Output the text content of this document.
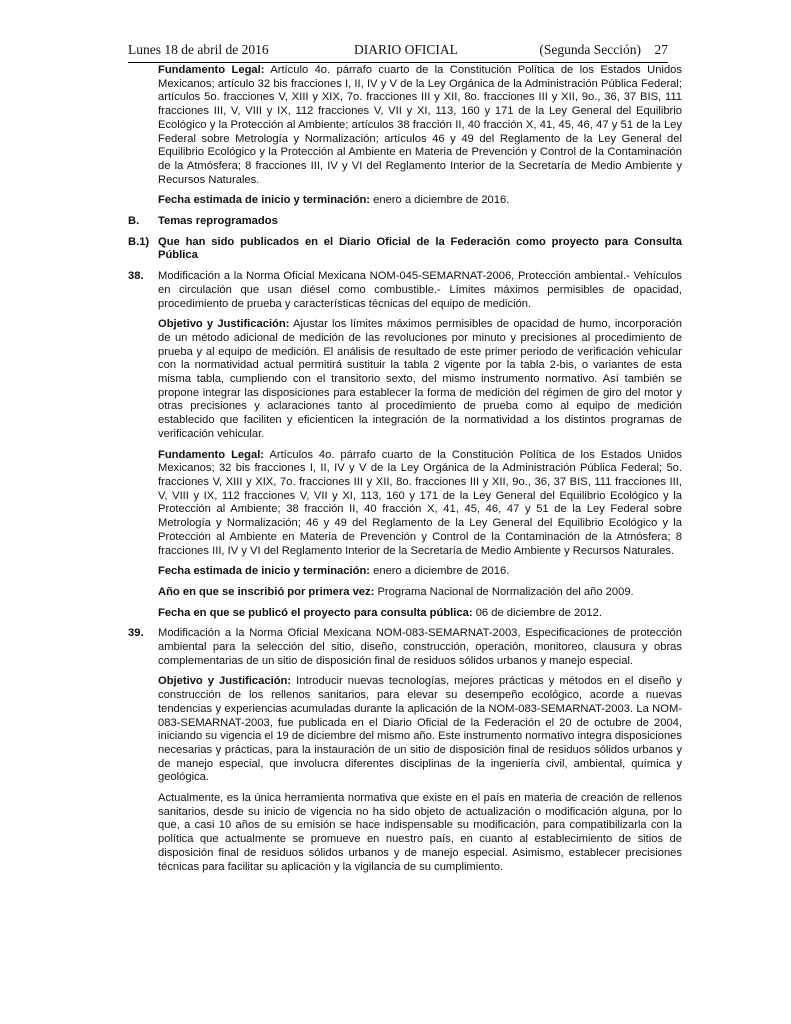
Lunes 18 de abril de 2016	DIARIO OFICIAL	(Segunda Sección) 27

Fundamento Legal: Artículo 4o. párrafo cuarto de la Constitución Política de los Estados Unidos Mexicanos; artículo 32 bis fracciones I, II, IV y V de la Ley Orgánica de la Administración Pública Federal; artículos 5o. fracciones V, XIII y XIX, 7o. fracciones III y XII, 8o. fracciones III y XII, 9o., 36, 37 BIS, 111 fracciones III, V, VIII y IX, 112 fracciones V, VII y XI, 113, 160 y 171 de la Ley General del Equilibrio Ecológico y la Protección al Ambiente; artículos 38 fracción II, 40 fracción X, 41, 45, 46, 47 y 51 de la Ley Federal sobre Metrología y Normalización; artículos 46 y 49 del Reglamento de la Ley General del Equilibrio Ecológico y la Protección al Ambiente en Materia de Prevención y Control de la Contaminación de la Atmósfera; 8 fracciones III, IV y VI del Reglamento Interior de la Secretaría de Medio Ambiente y Recursos Naturales.

Fecha estimada de inicio y terminación: enero a diciembre de 2016.

B.	Temas reprogramados
B.1) Que han sido publicados en el Diario Oficial de la Federación como proyecto para Consulta Pública
38.	Modificación a la Norma Oficial Mexicana NOM-045-SEMARNAT-2006, Protección ambiental.- Vehículos en circulación que usan diésel como combustible.- Límites máximos permisibles de opacidad, procedimiento de prueba y características técnicas del equipo de medición.

Objetivo y Justificación: Ajustar los límites máximos permisibles de opacidad de humo, incorporación de un método adicional de medición de las revoluciones por minuto y precisiones al procedimiento de prueba y al equipo de medición. El análisis de resultado de este primer periodo de verificación vehicular con la normatividad actual permitirá sustituir la tabla 2 vigente por la tabla 2-bis, o variantes de esta misma tabla, cumpliendo con el transitorio sexto, del mismo instrumento normativo. Así también se propone integrar las disposiciones para establecer la forma de medición del régimen de giro del motor y otras precisiones y aclaraciones tanto al procedimiento de prueba como al equipo de medición establecido que faciliten y eficienticen la integración de la normatividad a los distintos programas de verificación vehicular.

Fundamento Legal: Artículos 4o. párrafo cuarto de la Constitución Política de los Estados Unidos Mexicanos; 32 bis fracciones I, II, IV y V de la Ley Orgánica de la Administración Pública Federal; 5o. fracciones V, XIII y XIX, 7o. fracciones III y XII, 8o. fracciones III y XII, 9o., 36, 37 BIS, 111 fracciones III, V, VIII y IX, 112 fracciones V, VII y XI, 113, 160 y 171 de la Ley General del Equilibrio Ecológico y la Protección al Ambiente; 38 fracción II, 40 fracción X, 41, 45, 46, 47 y 51 de la Ley Federal sobre Metrología y Normalización; 46 y 49 del Reglamento de la Ley General del Equilibrio Ecológico y la Protección al Ambiente en Materia de Prevención y Control de la Contaminación de la Atmósfera; 8 fracciones III, IV y VI del Reglamento Interior de la Secretaría de Medio Ambiente y Recursos Naturales.

Fecha estimada de inicio y terminación: enero a diciembre de 2016.

Año en que se inscribió por primera vez: Programa Nacional de Normalización del año 2009.

Fecha en que se publicó el proyecto para consulta pública: 06 de diciembre de 2012.

39.	Modificación a la Norma Oficial Mexicana NOM-083-SEMARNAT-2003, Especificaciones de protección ambiental para la selección del sitio, diseño, construcción, operación, monitoreo, clausura y obras complementarias de un sitio de disposición final de residuos sólidos urbanos y manejo especial.

Objetivo y Justificación: Introducir nuevas tecnologías, mejores prácticas y métodos en el diseño y construcción de los rellenos sanitarios, para elevar su desempeño ecológico, acorde a nuevas tendencias y experiencias acumuladas durante la aplicación de la NOM-083-SEMARNAT-2003. La NOM-083-SEMARNAT-2003, fue publicada en el Diario Oficial de la Federación el 20 de octubre de 2004, iniciando su vigencia el 19 de diciembre del mismo año. Este instrumento normativo integra disposiciones necesarias y prácticas, para la instauración de un sitio de disposición final de residuos sólidos urbanos y de manejo especial, que involucra diferentes disciplinas de la ingeniería civil, ambiental, química y geológica.

Actualmente, es la única herramienta normativa que existe en el país en materia de creación de rellenos sanitarios, desde su inicio de vigencia no ha sido objeto de actualización o modificación alguna, por lo que, a casi 10 años de su emisión se hace indispensable su modificación, para compatibilizarla con la política que actualmente se promueve en nuestro país, en cuanto al establecimiento de sitios de disposición final de residuos sólidos urbanos y de manejo especial. Asimismo, establecer precisiones técnicas para facilitar su aplicación y la vigilancia de su cumplimiento.
